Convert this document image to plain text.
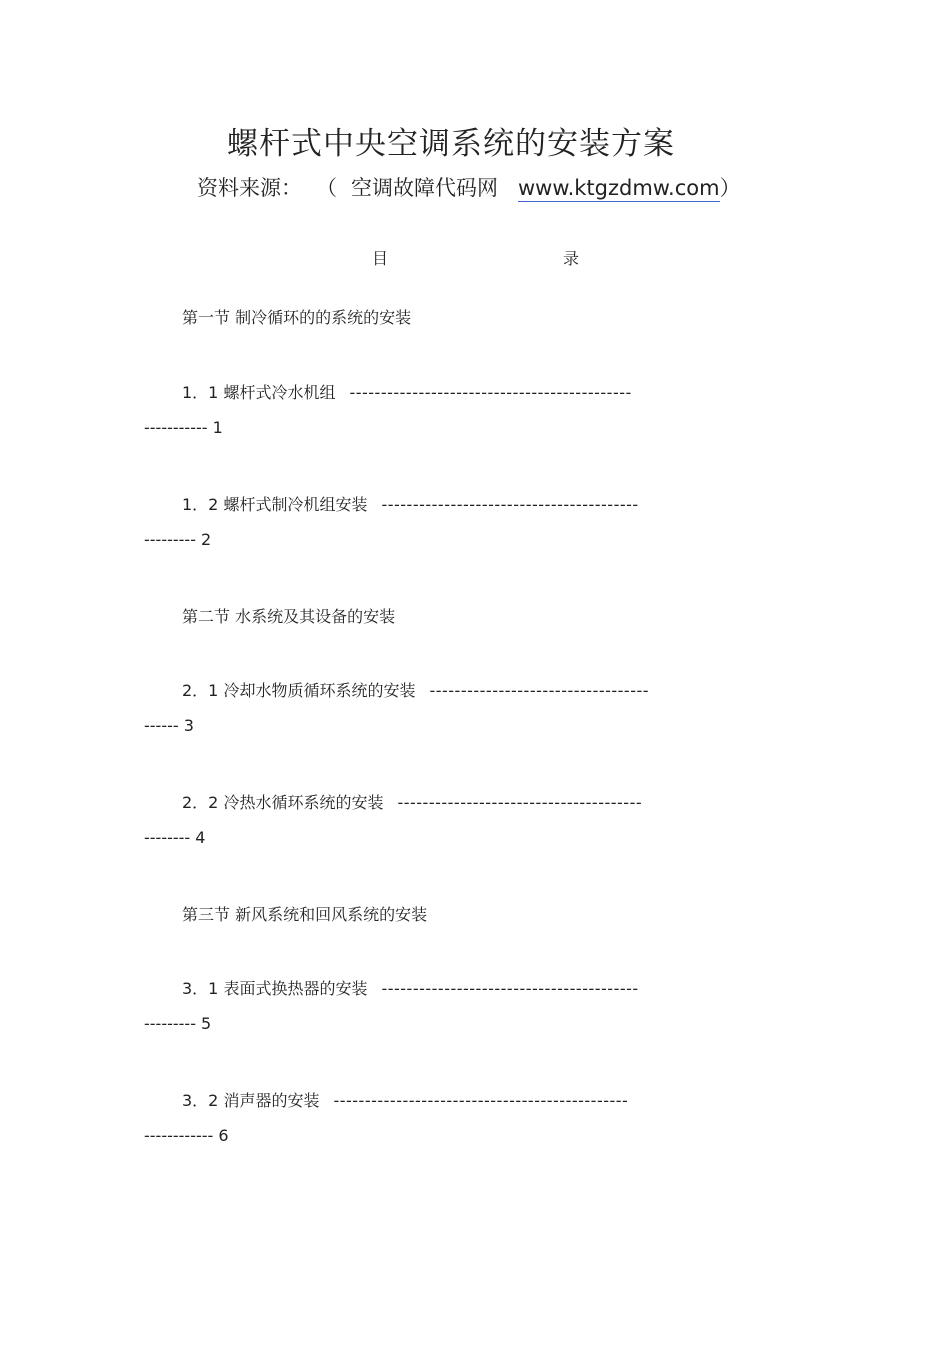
螺杆式中央空调系统的安装方案
资料来源： （ 空调故障代码网 www.ktgzdmw.com）
目	录
第一节 制冷循环的的系统的安装
1．1 螺杆式冷水机组 ---------------------------------------------
----------- 1
1．2 螺杆式制冷机组安装 -----------------------------------------
--------- 2
第二节 水系统及其设备的安装
2．1 冷却水物质循环系统的安装 -----------------------------------
------ 3
2．2 冷热水循环系统的安装 ---------------------------------------
-------- 4
第三节 新风系统和回风系统的安装
3．1 表面式换热器的安装 -----------------------------------------
--------- 5
3．2 消声器的安装 -----------------------------------------------
------------ 6
